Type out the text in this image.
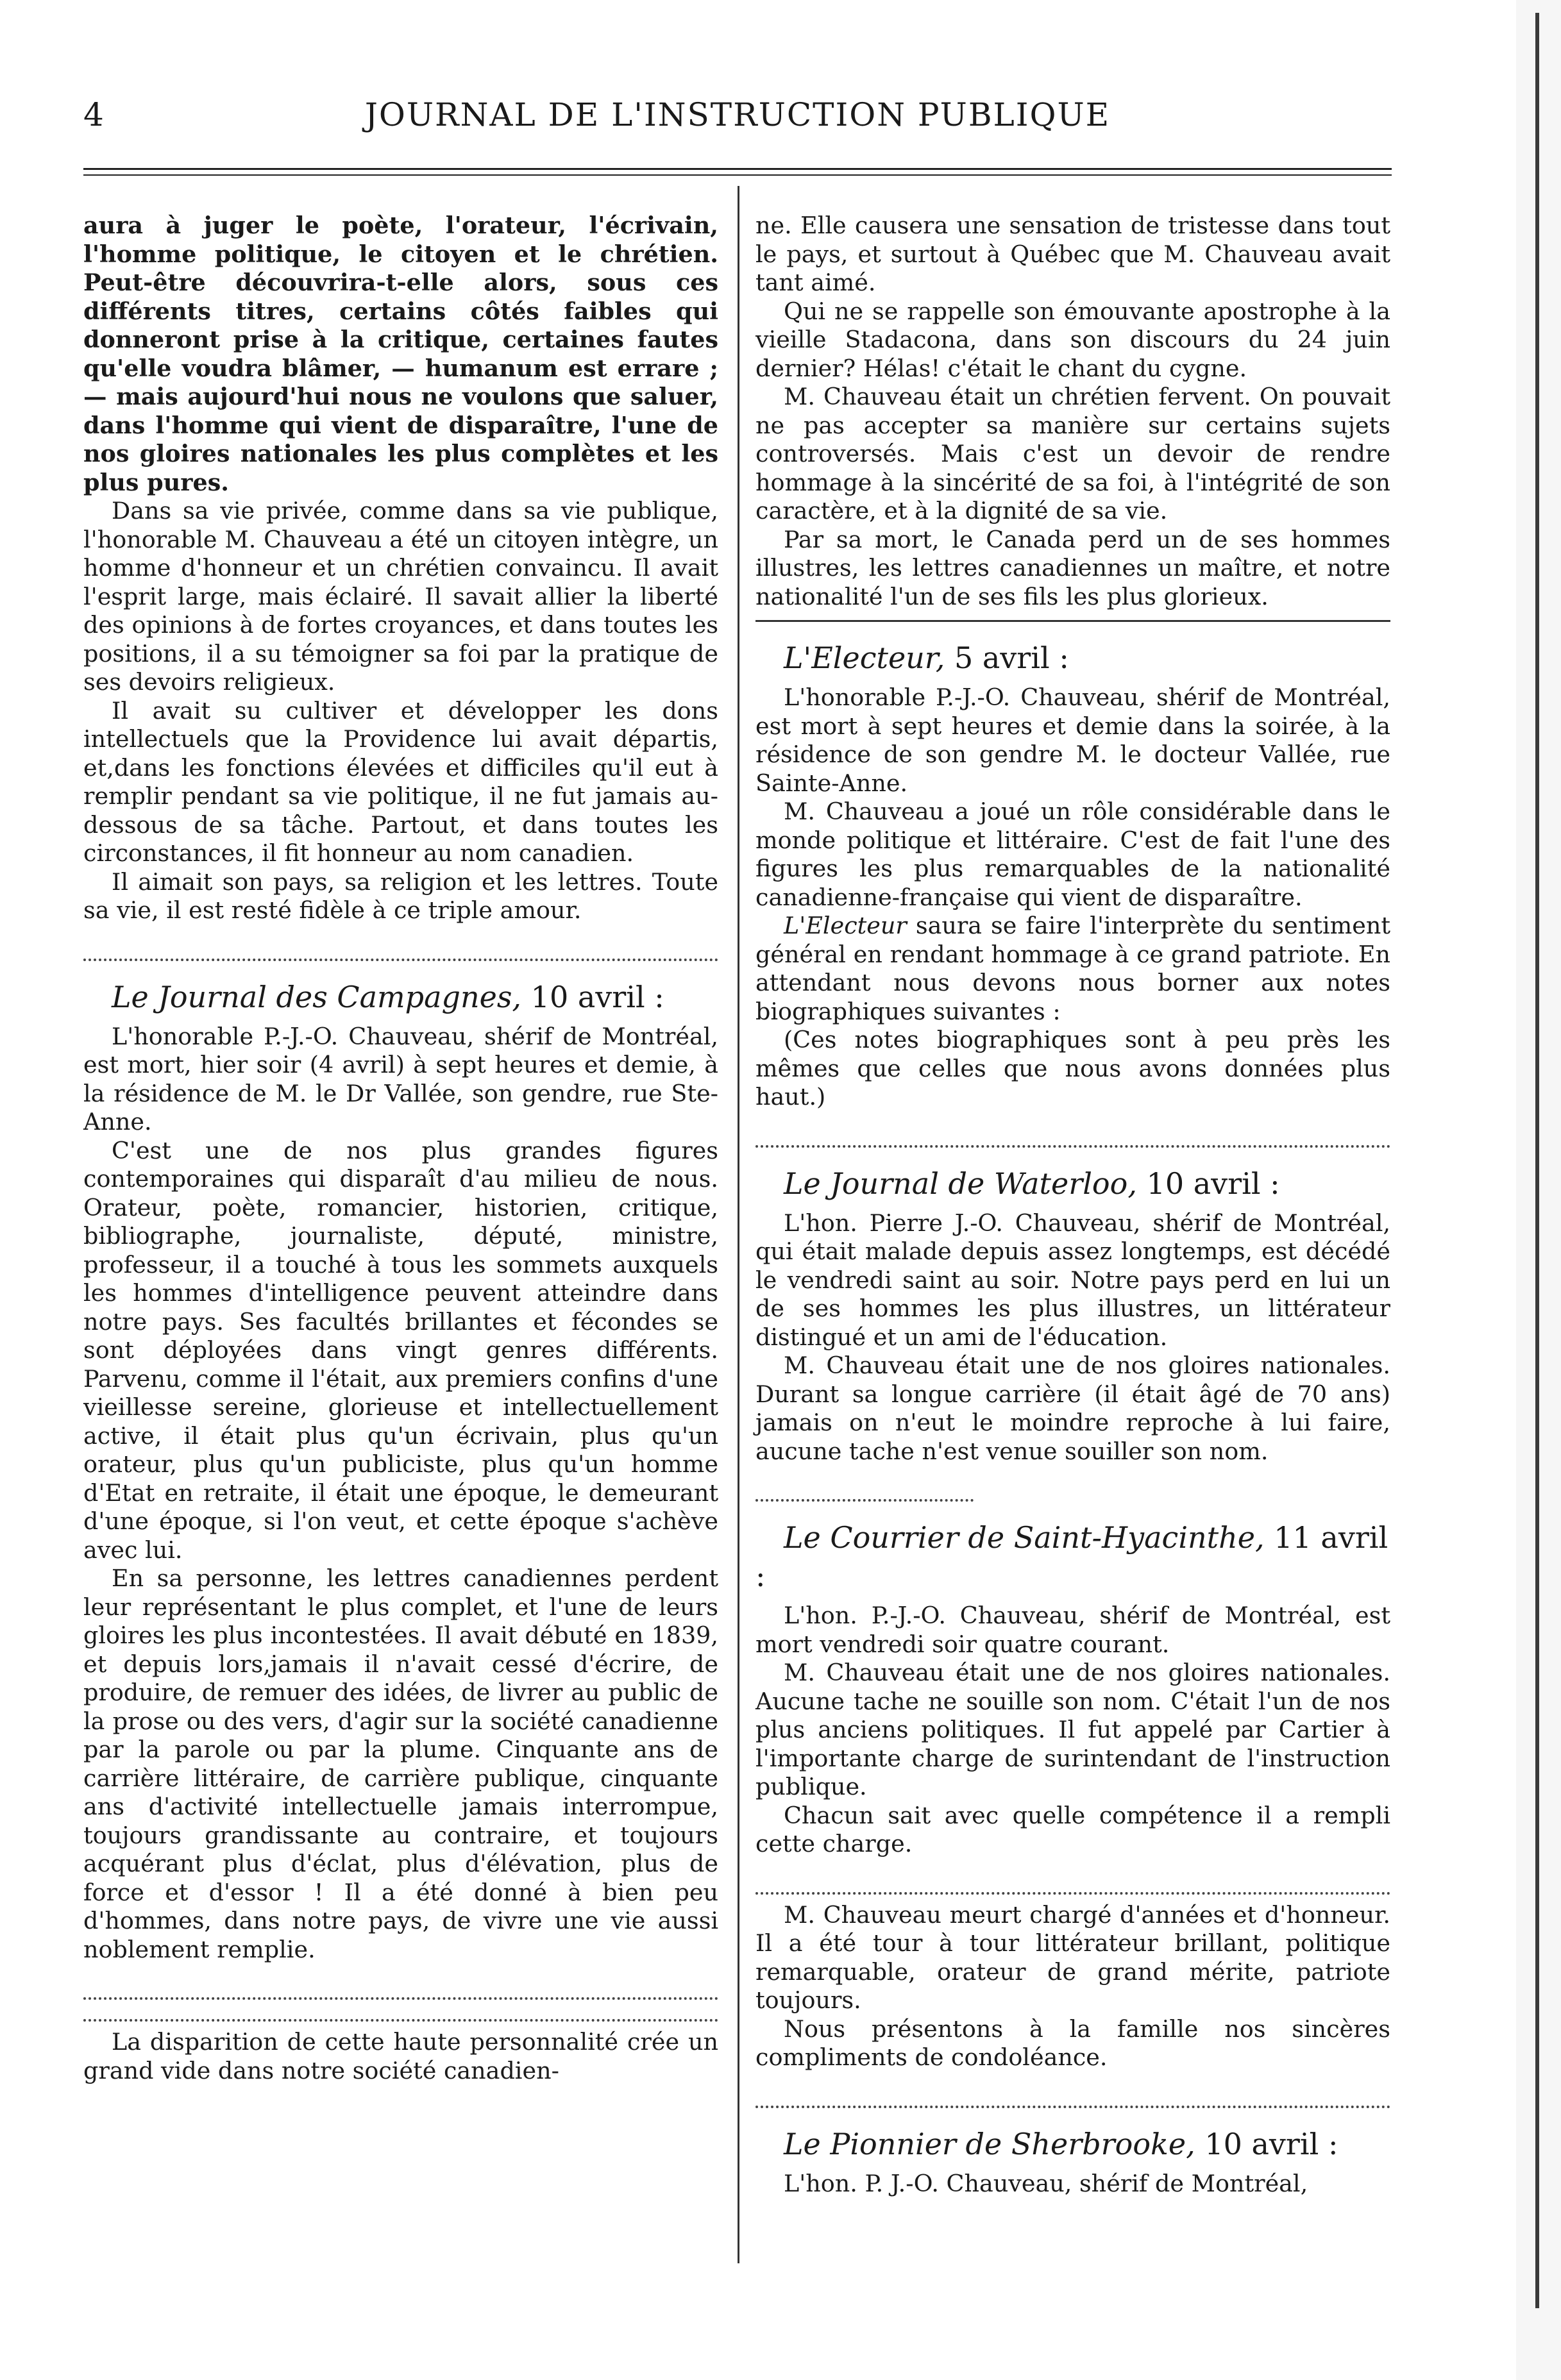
4	JOURNAL DE L'INSTRUCTION PUBLIQUE

aura à juger le poète, l'orateur, l'écrivain, l'homme politique, le citoyen et le chrétien. Peut-être découvrira-t-elle alors, sous ces différents titres, certains côtés faibles qui donneront prise à la critique, certaines fautes qu'elle voudra blâmer, — humanum est errare ; — mais aujourd'hui nous ne voulons que saluer, dans l'homme qui vient de disparaître, l'une de nos gloires nationales les plus complètes et les plus pures.

Dans sa vie privée, comme dans sa vie publique, l'honorable M. Chauveau a été un citoyen intègre, un homme d'honneur et un chrétien convaincu. Il avait l'esprit large, mais éclairé. Il savait allier la liberté des opinions à de fortes croyances, et dans toutes les positions, il a su témoigner sa foi par la pratique de ses devoirs religieux.

Il avait su cultiver et développer les dons intellectuels que la Providence lui avait départis, et,dans les fonctions élevées et difficiles qu'il eut à remplir pendant sa vie politique, il ne fut jamais au-dessous de sa tâche. Partout, et dans toutes les circonstances, il fit honneur au nom canadien.

Il aimait son pays, sa religion et les lettres. Toute sa vie, il est resté fidèle à ce triple amour.

Le Journal des Campagnes, 10 avril :

L'honorable P.-J.-O. Chauveau, shérif de Montréal, est mort, hier soir (4 avril) à sept heures et demie, à la résidence de M. le Dr Vallée, son gendre, rue Ste-Anne.

C'est une de nos plus grandes figures contemporaines qui disparaît d'au milieu de nous. Orateur, poète, romancier, historien, critique, bibliographe, journaliste, député, ministre, professeur, il a touché à tous les sommets auxquels les hommes d'intelligence peuvent atteindre dans notre pays. Ses facultés brillantes et fécondes se sont déployées dans vingt genres différents. Parvenu, comme il l'était, aux premiers confins d'une vieillesse sereine, glorieuse et intellectuellement active, il était plus qu'un écrivain, plus qu'un orateur, plus qu'un publiciste, plus qu'un homme d'Etat en retraite, il était une époque, le demeurant d'une époque, si l'on veut, et cette époque s'achève avec lui.

En sa personne, les lettres canadiennes perdent leur représentant le plus complet, et l'une de leurs gloires les plus incontestées. Il avait débuté en 1839, et depuis lors,jamais il n'avait cessé d'écrire, de produire, de remuer des idées, de livrer au public de la prose ou des vers, d'agir sur la société canadienne par la parole ou par la plume. Cinquante ans de carrière littéraire, de carrière publique, cinquante ans d'activité intellectuelle jamais interrompue, toujours grandissante au contraire, et toujours acquérant plus d'éclat, plus d'élévation, plus de force et d'essor ! Il a été donné à bien peu d'hommes, dans notre pays, de vivre une vie aussi noblement remplie.

La disparition de cette haute personnalité crée un grand vide dans notre société canadien-

ne. Elle causera une sensation de tristesse dans tout le pays, et surtout à Québec que M. Chauveau avait tant aimé.

Qui ne se rappelle son émouvante apostrophe à la vieille Stadacona, dans son discours du 24 juin dernier? Hélas! c'était le chant du cygne.

M. Chauveau était un chrétien fervent. On pouvait ne pas accepter sa manière sur certains sujets controversés. Mais c'est un devoir de rendre hommage à la sincérité de sa foi, à l'intégrité de son caractère, et à la dignité de sa vie.

Par sa mort, le Canada perd un de ses hommes illustres, les lettres canadiennes un maître, et notre nationalité l'un de ses fils les plus glorieux.

L'Electeur, 5 avril :

L'honorable P.-J.-O. Chauveau, shérif de Montréal, est mort à sept heures et demie dans la soirée, à la résidence de son gendre M. le docteur Vallée, rue Sainte-Anne.

M. Chauveau a joué un rôle considérable dans le monde politique et littéraire. C'est de fait l'une des figures les plus remarquables de la nationalité canadienne-française qui vient de disparaître.

L'Electeur saura se faire l'interprète du sentiment général en rendant hommage à ce grand patriote. En attendant nous devons nous borner aux notes biographiques suivantes :

(Ces notes biographiques sont à peu près les mêmes que celles que nous avons données plus haut.)

Le Journal de Waterloo, 10 avril :

L'hon. Pierre J.-O. Chauveau, shérif de Montréal, qui était malade depuis assez longtemps, est décédé le vendredi saint au soir. Notre pays perd en lui un de ses hommes les plus illustres, un littérateur distingué et un ami de l'éducation.

M. Chauveau était une de nos gloires nationales. Durant sa longue carrière (il était âgé de 70 ans) jamais on n'eut le moindre reproche à lui faire, aucune tache n'est venue souiller son nom.

Le Courrier de Saint-Hyacinthe, 11 avril :

L'hon. P.-J.-O. Chauveau, shérif de Montréal, est mort vendredi soir quatre courant.

M. Chauveau était une de nos gloires nationales. Aucune tache ne souille son nom. C'était l'un de nos plus anciens politiques. Il fut appelé par Cartier à l'importante charge de surintendant de l'instruction publique.

Chacun sait avec quelle compétence il a rempli cette charge.

M. Chauveau meurt chargé d'années et d'honneur. Il a été tour à tour littérateur brillant, politique remarquable, orateur de grand mérite, patriote toujours.

Nous présentons à la famille nos sincères compliments de condoléance.

Le Pionnier de Sherbrooke, 10 avril :

L'hon. P. J.-O. Chauveau, shérif de Montréal,
